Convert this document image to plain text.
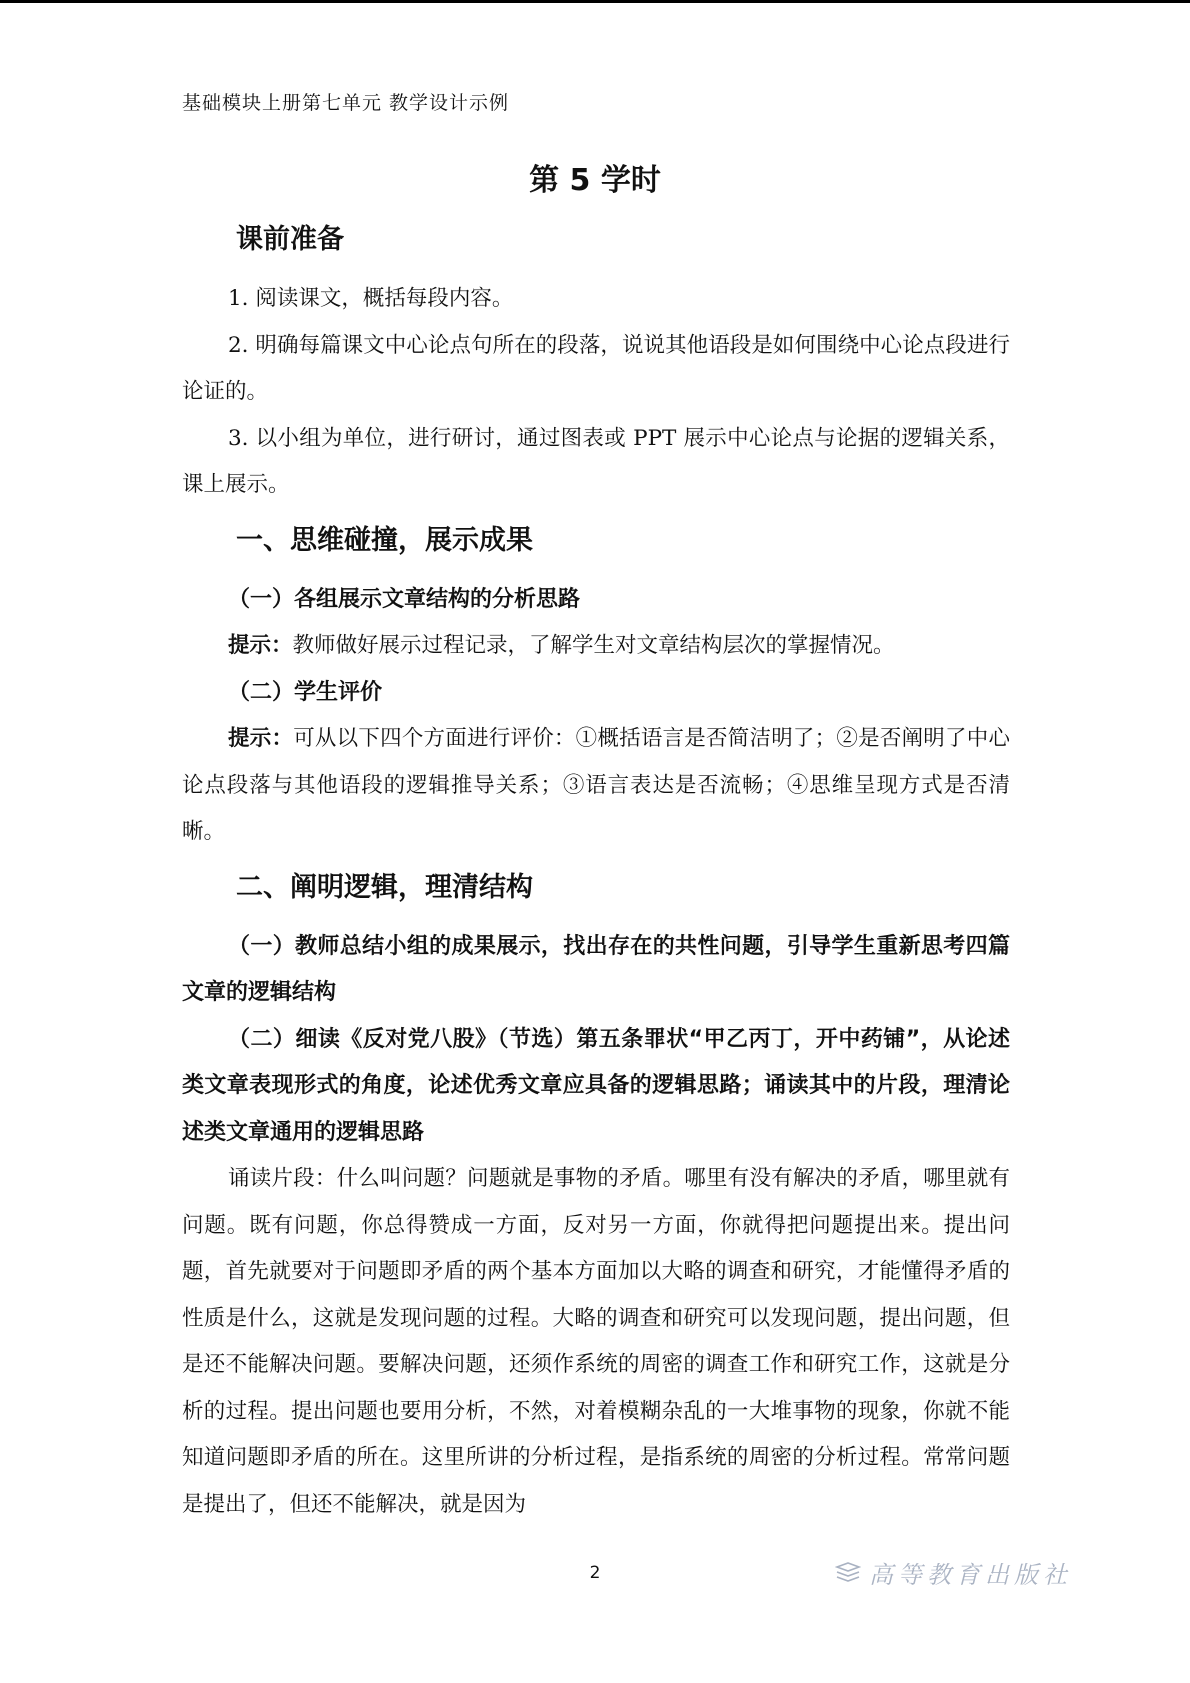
基础模块上册第七单元 教学设计示例
第 5 学时
课前准备

1. 阅读课文，概括每段内容。

2. 明确每篇课文中心论点句所在的段落，说说其他语段是如何围绕中心论点段进行论证的。

3. 以小组为单位，进行研讨，通过图表或 PPT 展示中心论点与论据的逻辑关系，课上展示。

一、思维碰撞，展示成果

（一）各组展示文章结构的分析思路

提示：教师做好展示过程记录，了解学生对文章结构层次的掌握情况。

（二）学生评价

提示：可从以下四个方面进行评价：①概括语言是否简洁明了；②是否阐明了中心论点段落与其他语段的逻辑推导关系；③语言表达是否流畅；④思维呈现方式是否清晰。

二、阐明逻辑，理清结构

（一）教师总结小组的成果展示，找出存在的共性问题，引导学生重新思考四篇文章的逻辑结构

（二）细读《反对党八股》（节选）第五条罪状“甲乙丙丁，开中药铺”，从论述类文章表现形式的角度，论述优秀文章应具备的逻辑思路；诵读其中的片段，理清论述类文章通用的逻辑思路

诵读片段：什么叫问题？问题就是事物的矛盾。哪里有没有解决的矛盾，哪里就有问题。既有问题，你总得赞成一方面，反对另一方面，你就得把问题提出来。提出问题，首先就要对于问题即矛盾的两个基本方面加以大略的调查和研究，才能懂得矛盾的性质是什么，这就是发现问题的过程。大略的调查和研究可以发现问题，提出问题，但是还不能解决问题。要解决问题，还须作系统的周密的调查工作和研究工作，这就是分析的过程。提出问题也要用分析，不然，对着模糊杂乱的一大堆事物的现象，你就不能知道问题即矛盾的所在。这里所讲的分析过程，是指系统的周密的分析过程。常常问题是提出了，但还不能解决，就是因为

2	高等教育出版社
